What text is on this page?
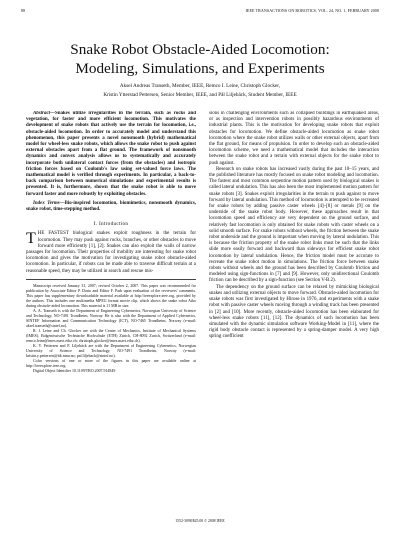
88	IEEE TRANSACTIONS ON ROBOTICS, VOL. 24, NO. 1, FEBRUARY 2008
Snake Robot Obstacle-Aided Locomotion:
Modeling, Simulations, and Experiments
Aksel Andreas Transeth, Member, IEEE, Remco I. Leine, Christoph Glocker,
Kristin Ytterstad Pettersen, Senior Member, IEEE, and Pål Liljebäck, Student Member, IEEE

Abstract—Snakes utilize irregularities in the terrain, such as rocks and vegetation, for faster and more efficient locomotion. This motivates the development of snake robots that actively use the terrain for locomotion, i.e., obstacle-aided locomotion. In order to accurately model and understand this phenomenon, this paper presents a novel nonsmooth (hybrid) mathematical model for wheel-less snake robots, which allows the snake robot to push against external obstacles apart from a flat ground. The framework of nonsmooth dynamics and convex analysis allows us to systematically and accurately incorporate both unilateral contact forces (from the obstacles) and isotropic friction forces based on Coulomb's law using set-valued force laws. The mathematical model is verified through experiments. In particular, a back-to-back comparison between numerical simulations and experimental results is presented. It is, furthermore, shown that the snake robot is able to move forward faster and more robustly by exploiting obstacles.

Index Terms—Bio-inspired locomotion, biomimetics, nonsmooth dynamics, snake robot, time-stepping method.

I. Introduction

THE FASTEST biological snakes exploit roughness in the terrain for locomotion. They may push against rocks, branches, or other obstacles to move forward more efficiently [1], [2]. Snakes can also exploit the walls of narrow passages for locomotion. Their properties of mobility are interesting for snake robot locomotion and gives the motivation for investigating snake robot obstacle-aided locomotion. In particular, if robots can be made able to traverse difficult terrain at a reasonable speed, they may be utilized in search and rescue mis-

Manuscript received January 31, 2007; revised October 2, 2007. This paper was recommended for publication by Associate Editor P. Dario and Editor F. Park upon evaluation of the reviewers' comments. This paper has supplementary downloadable material available at http://ieeexplore.ieee.org, provided by the authors. This includes one multimedia MPEG format movie clip, which shows the snake robot Aiko during obstacle-aided locomotion. This material is 11 MB in size.

A. A. Transeth is with the Department of Engineering Cybernetics, Norwegian University of Science and Technology, NO-7491 Trondheim, Norway. He is also with the Department of Applied Cybernetics, SINTEF Information and Communication Technology (ICT), NO-7465 Trondheim, Norway (e-mail: aksel.transeth@sintef.no).

R. I. Leine and Ch. Glocker are with the Center of Mechanics, Institute of Mechanical Systems (IMES), Eidgenössische Technische Hochschule (ETH) Zürich, CH-8092 Zurich, Switzerland (e-mail: remco.leine@imes.mavt.ethz.ch; christoph.glocker@imes.mavt.ethz.ch).

K. Y. Pettersen and P. Liljebäck are with the Department of Engineering Cybernetics, Norwegian University of Science and Technology, NO-7491 Trondheim, Norway (e-mail: kristin.y.pettersen@itk.ntnu.no; pal.liljeback@sintef.no).

Color versions of one or more of the figures in this paper are available online at http://ieeexplore.ieee.org.

Digital Object Identifier 10.1109/TRO.2007.914849

sions in challenging environments such as collapsed buildings in earthquaked areas, or as inspection and intervention robots in possibly hazardous environments of industrial plants. This is the motivation for developing snake robots that exploit obstacles for locomotion. We define obstacle-aided locomotion as snake robot locomotion where the snake robot utilizes walls or other external objects, apart from the flat ground, for means of propulsion. In order to develop such an obstacle-aided locomotion scheme, we need a mathematical model that includes the interaction between the snake robot and a terrain with external objects for the snake robot to push against.

Research on snake robots has increased vastly during the past 10–15 years, and the published literature has mostly focused on snake robot modeling and locomotion. The fastest and most common serpentine motion pattern used by biological snakes is called lateral undulation. This has also been the most implemented motion pattern for snake robots [3]. Snakes exploit irregularities in the terrain to push against to move forward by lateral undulation. This method of locomotion is attempted to be recreated for snake robots by adding passive caster wheels [4]–[8] or metals [9] on the underside of the snake robot body. However, these approaches result in that locomotion speed and efficiency are very dependent on the ground surface, and relatively fast locomotion is only obtained for snake robots with caster wheels on a solid smooth surface. For snake robots without wheels, the friction between the snake robot underside and the ground is important when moving by lateral undulation. This is because the friction property of the snake robot links must be such that the links slide more easily forward and backward than sideways for efficient snake robot locomotion by lateral undulation. Hence, the friction model must be accurate to recreate the snake robot motion in simulations. The friction force between snake robots without wheels and the ground has been described by Coulomb friction and modeled using sign-functions in [7] and [9]. However, only unidirectional Coulomb friction can be described by a sign-function (see Section V-B.2).

The dependency on the ground surface can be relaxed by mimicking biological snakes and utilizing external objects to move forward. Obstacle-aided locomotion for snake robots was first investigated by Hirose in 1976, and experiments with a snake robot with passive caster wheels moving through a winding track has been presented in [2] and [10]. More recently, obstacle-aided locomotion has been elaborated for wheel-less snake robots [11], [12]. The dynamics of such locomotion has been simulated with the dynamic simulation software Working-Model in [11], where the rigid body obstacle contact is represented by a spring-damper model. A very high spring coefficient

1552-3098/$25.00 © 2008 IEEE
